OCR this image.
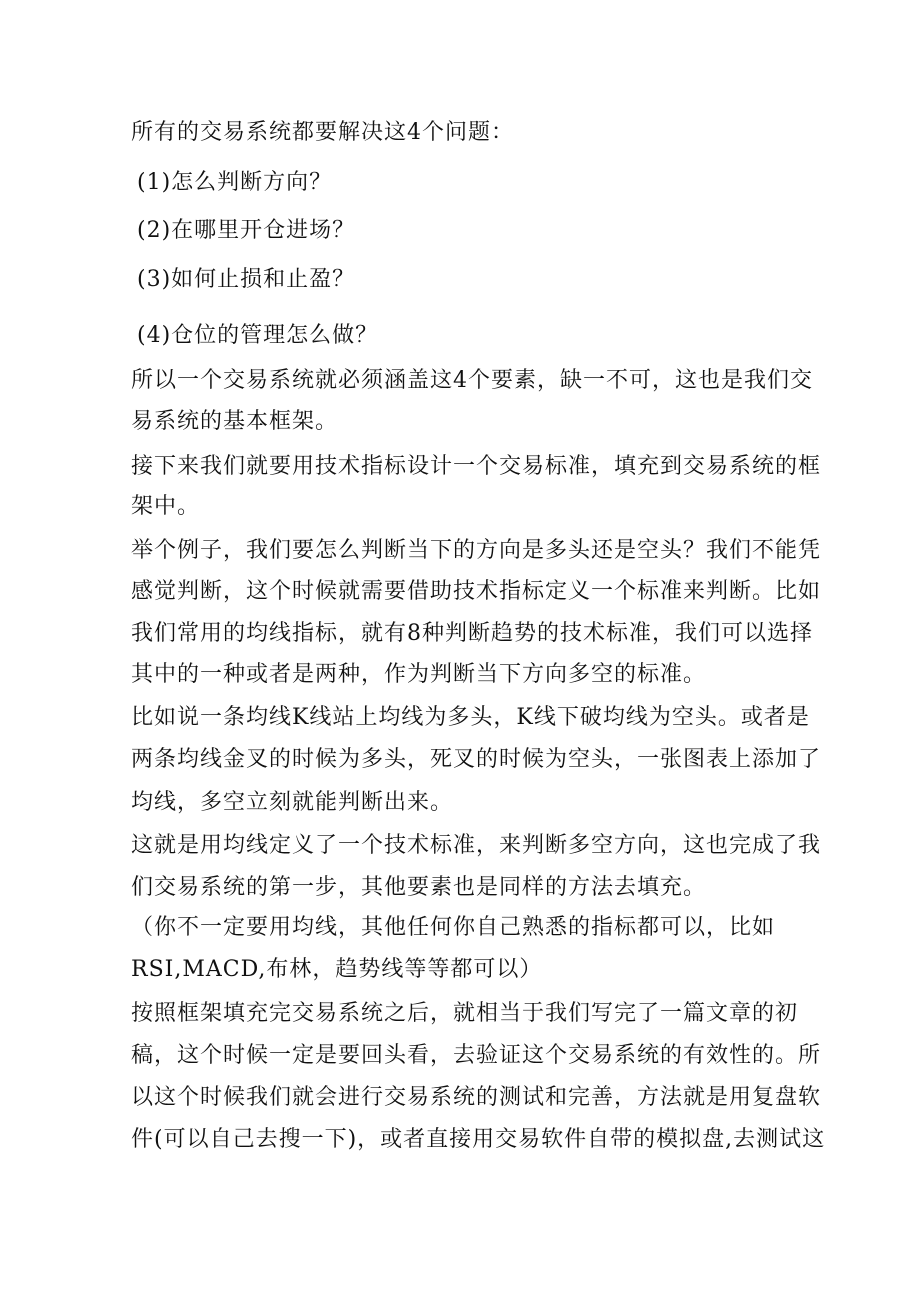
所有的交易系统都要解决这4个问题：

(1)怎么判断方向？

(2)在哪里开仓进场？

(3)如何止损和止盈？

(4)仓位的管理怎么做？

所以一个交易系统就必须涵盖这4个要素，缺一不可，这也是我们交

易系统的基本框架。

接下来我们就要用技术指标设计一个交易标准，填充到交易系统的框

架中。

举个例子，我们要怎么判断当下的方向是多头还是空头？我们不能凭

感觉判断，这个时候就需要借助技术指标定义一个标准来判断。比如

我们常用的均线指标，就有8种判断趋势的技术标准，我们可以选择

其中的一种或者是两种，作为判断当下方向多空的标准。

比如说一条均线K线站上均线为多头，K线下破均线为空头。或者是

两条均线金叉的时候为多头，死叉的时候为空头，一张图表上添加了

均线，多空立刻就能判断出来。

这就是用均线定义了一个技术标准，来判断多空方向，这也完成了我

们交易系统的第一步，其他要素也是同样的方法去填充。

（你不一定要用均线，其他任何你自己熟悉的指标都可以，比如

RSI,MACD,布林，趋势线等等都可以）

按照框架填充完交易系统之后，就相当于我们写完了一篇文章的初

稿，这个时候一定是要回头看，去验证这个交易系统的有效性的。所

以这个时候我们就会进行交易系统的测试和完善，方法就是用复盘软

件(可以自己去搜一下)，或者直接用交易软件自带的模拟盘,去测试这
